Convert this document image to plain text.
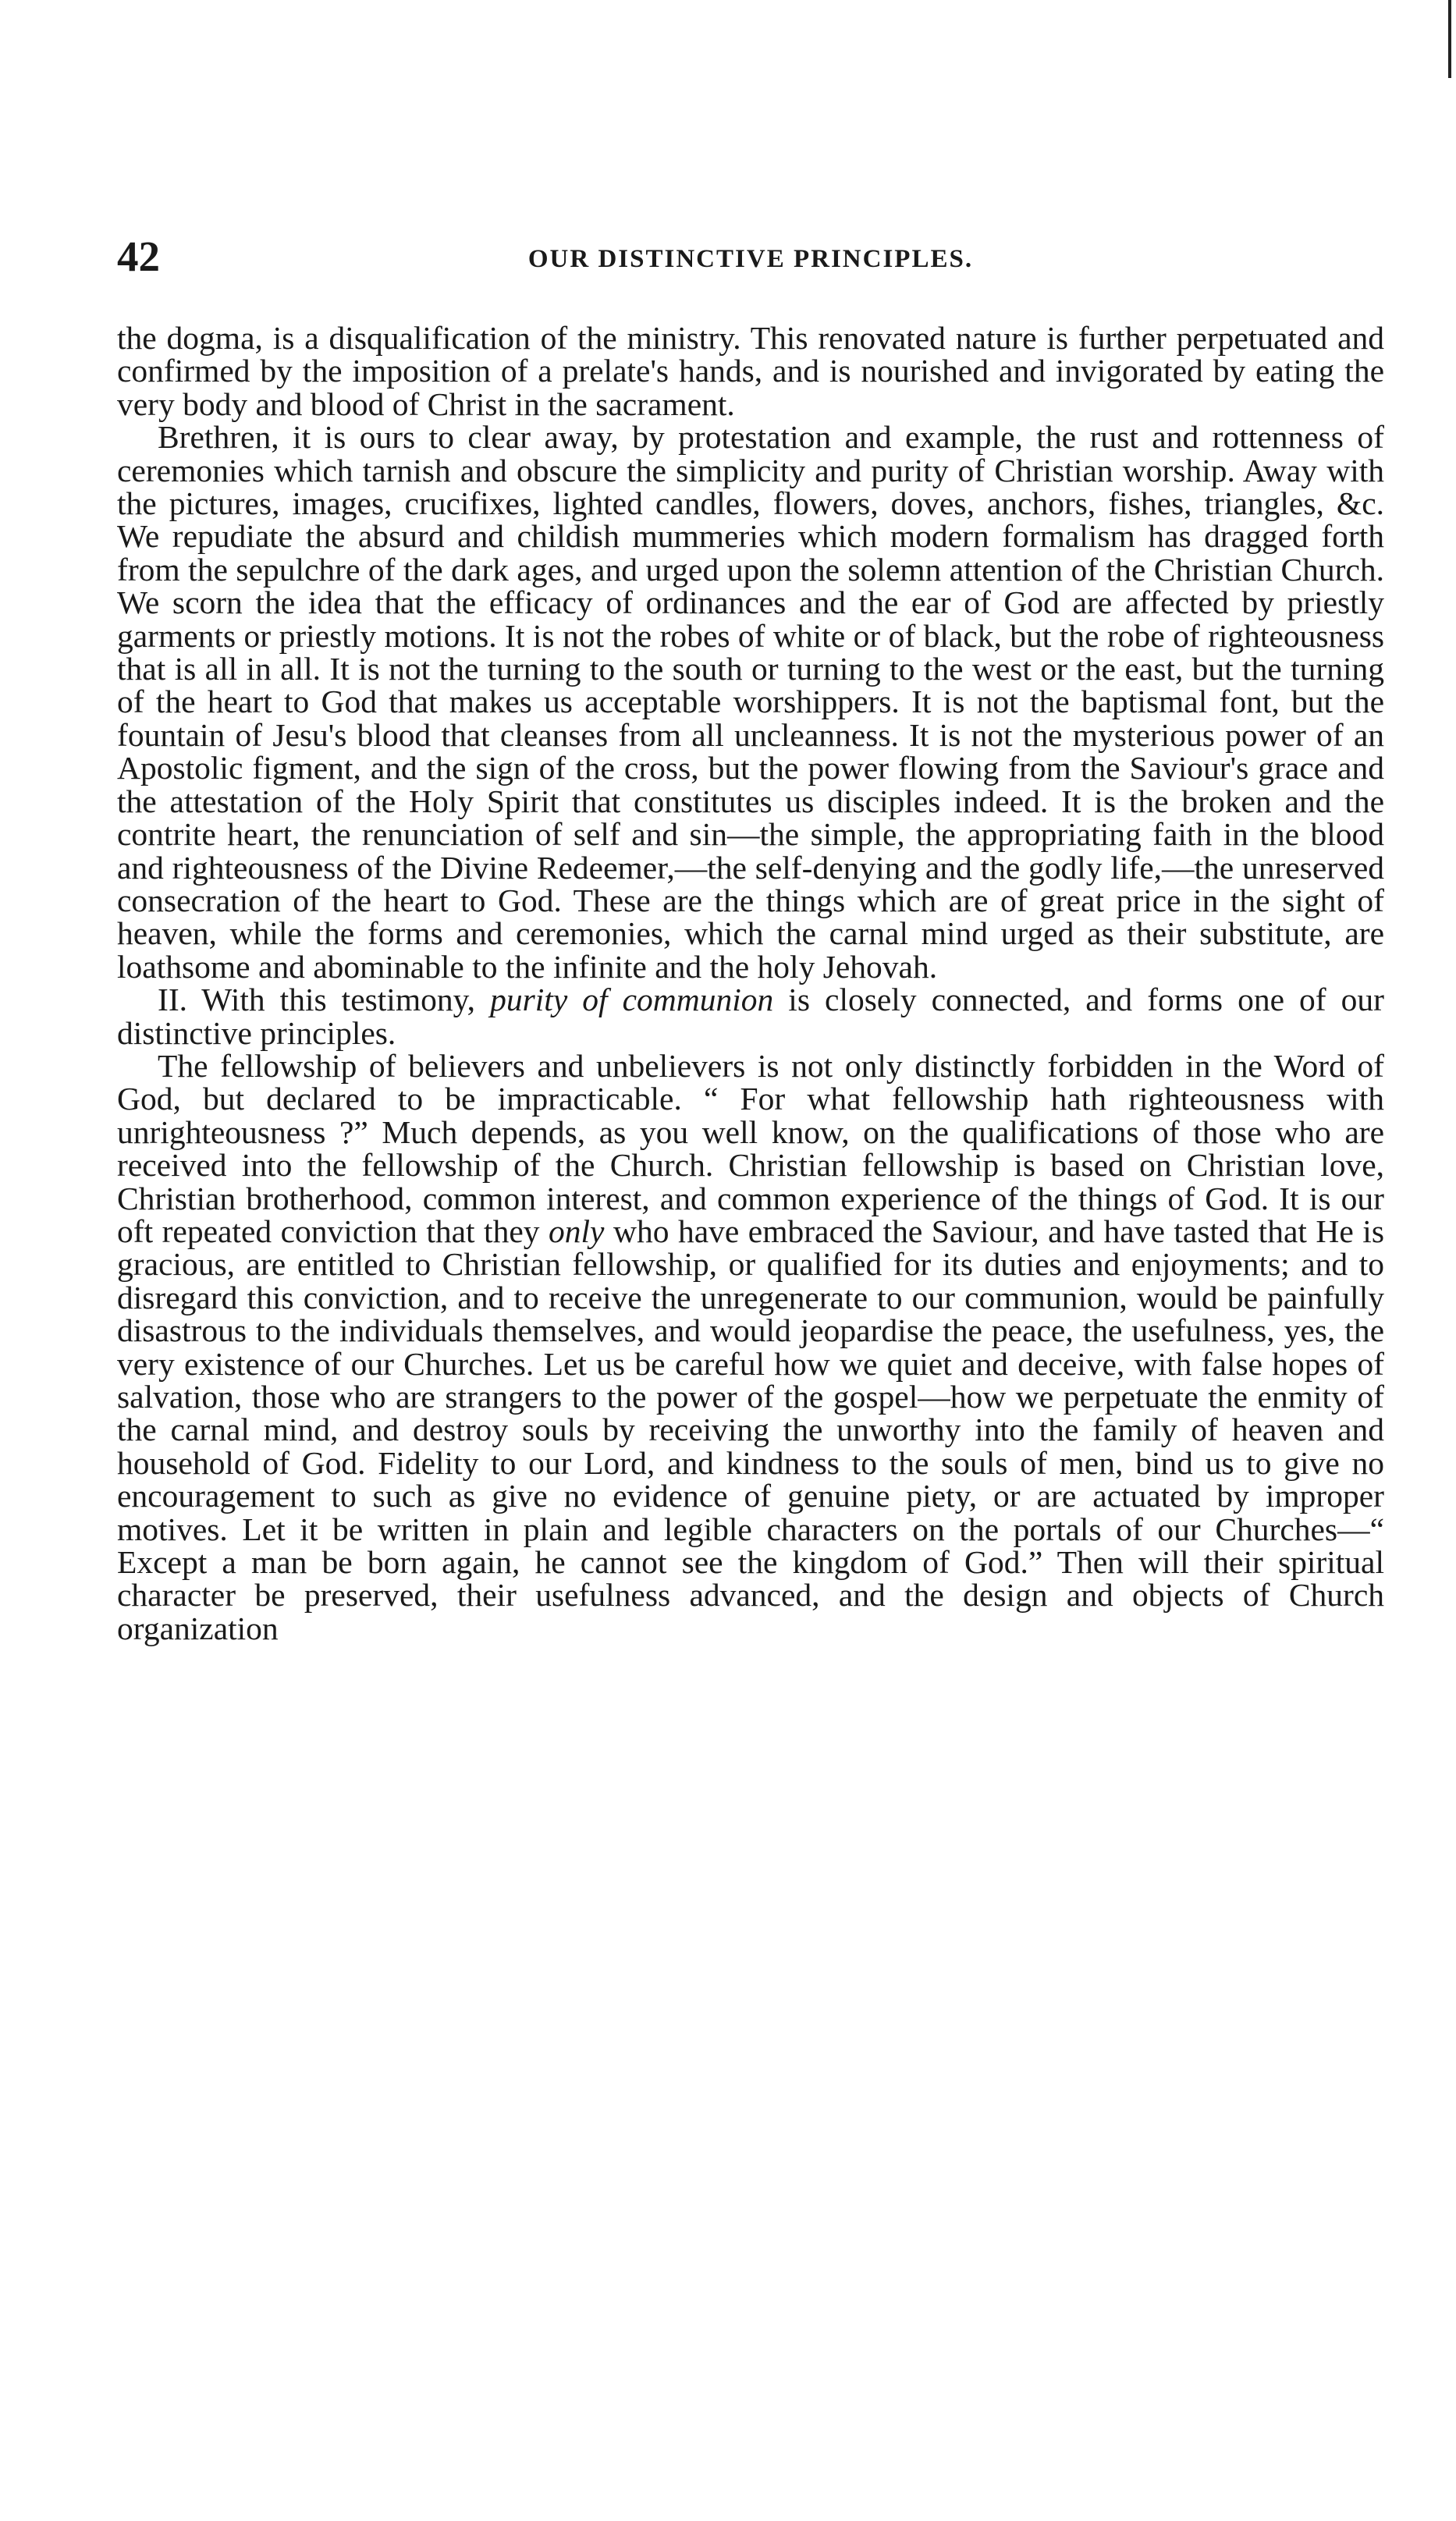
42	OUR DISTINCTIVE PRINCIPLES.

the dogma, is a disqualification of the ministry. This renovated nature is further perpetuated and confirmed by the imposition of a prelate's hands, and is nourished and invigorated by eating the very body and blood of Christ in the sacrament.

Brethren, it is ours to clear away, by protestation and example, the rust and rottenness of ceremonies which tarnish and obscure the simplicity and purity of Christian worship. Away with the pictures, images, crucifixes, lighted candles, flowers, doves, anchors, fishes, triangles, &c. We repudiate the absurd and childish mummeries which modern formalism has dragged forth from the sepulchre of the dark ages, and urged upon the solemn attention of the Christian Church. We scorn the idea that the efficacy of ordinances and the ear of God are affected by priestly garments or priestly motions. It is not the robes of white or of black, but the robe of righteousness that is all in all. It is not the turning to the south or turning to the west or the east, but the turning of the heart to God that makes us acceptable worshippers. It is not the baptismal font, but the fountain of Jesu's blood that cleanses from all uncleanness. It is not the mysterious power of an Apostolic figment, and the sign of the cross, but the power flowing from the Saviour's grace and the attestation of the Holy Spirit that constitutes us disciples indeed. It is the broken and the contrite heart, the renunciation of self and sin—the simple, the appropriating faith in the blood and righteousness of the Divine Redeemer,—the self-denying and the godly life,—the unreserved consecration of the heart to God. These are the things which are of great price in the sight of heaven, while the forms and ceremonies, which the carnal mind urged as their substitute, are loathsome and abominable to the infinite and the holy Jehovah.

II. With this testimony, purity of communion is closely connected, and forms one of our distinctive principles.

The fellowship of believers and unbelievers is not only distinctly forbidden in the Word of God, but declared to be impracticable. “ For what fellowship hath righteousness with unrighteousness ?” Much depends, as you well know, on the qualifications of those who are received into the fellowship of the Church. Christian fellowship is based on Christian love, Christian brotherhood, common interest, and common experience of the things of God. It is our oft repeated conviction that they only who have embraced the Saviour, and have tasted that He is gracious, are entitled to Christian fellowship, or qualified for its duties and enjoyments; and to disregard this conviction, and to receive the unregenerate to our communion, would be painfully disastrous to the individuals themselves, and would jeopardise the peace, the usefulness, yes, the very existence of our Churches. Let us be careful how we quiet and deceive, with false hopes of salvation, those who are strangers to the power of the gospel—how we perpetuate the enmity of the carnal mind, and destroy souls by receiving the unworthy into the family of heaven and household of God. Fidelity to our Lord, and kindness to the souls of men, bind us to give no encouragement to such as give no evidence of genuine piety, or are actuated by improper motives. Let it be written in plain and legible characters on the portals of our Churches—“ Except a man be born again, he cannot see the kingdom of God.” Then will their spiritual character be preserved, their usefulness advanced, and the design and objects of Church organization
